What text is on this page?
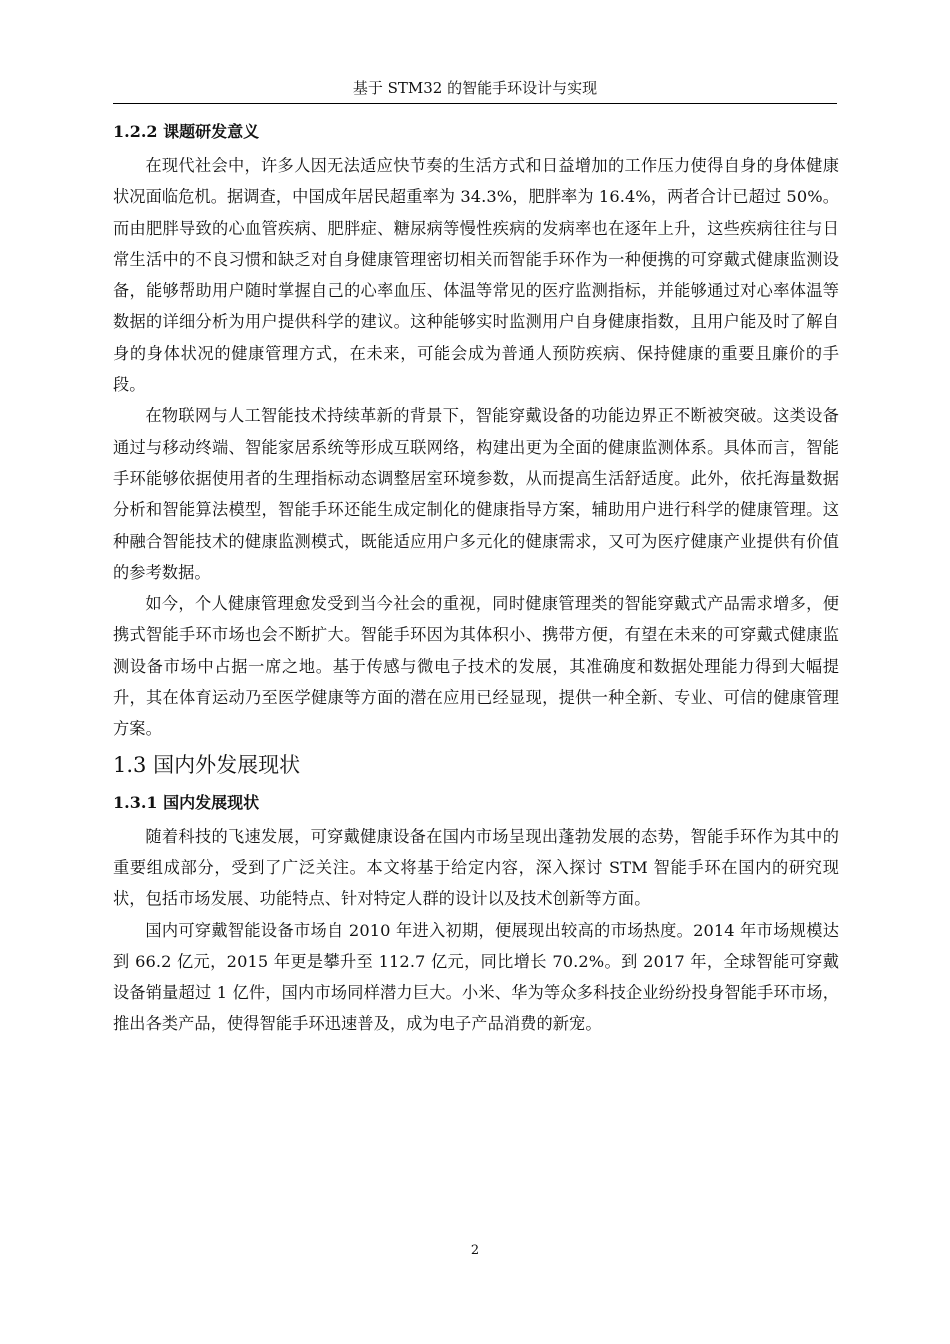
基于 STM32 的智能手环设计与实现

1.2.2 课题研发意义

在现代社会中，许多人因无法适应快节奏的生活方式和日益增加的工作压力使得自身的身体健康状况面临危机。据调查，中国成年居民超重率为 34.3%，肥胖率为 16.4%，两者合计已超过 50%。而由肥胖导致的心血管疾病、肥胖症、糖尿病等慢性疾病的发病率也在逐年上升，这些疾病往往与日常生活中的不良习惯和缺乏对自身健康管理密切相关而智能手环作为一种便携的可穿戴式健康监测设备，能够帮助用户随时掌握自己的心率血压、体温等常见的医疗监测指标，并能够通过对心率体温等数据的详细分析为用户提供科学的建议。这种能够实时监测用户自身健康指数，且用户能及时了解自身的身体状况的健康管理方式，在未来，可能会成为普通人预防疾病、保持健康的重要且廉价的手段。

在物联网与人工智能技术持续革新的背景下，智能穿戴设备的功能边界正不断被突破。这类设备通过与移动终端、智能家居系统等形成互联网络，构建出更为全面的健康监测体系。具体而言，智能手环能够依据使用者的生理指标动态调整居室环境参数，从而提高生活舒适度。此外，依托海量数据分析和智能算法模型，智能手环还能生成定制化的健康指导方案，辅助用户进行科学的健康管理。这种融合智能技术的健康监测模式，既能适应用户多元化的健康需求，又可为医疗健康产业提供有价值的参考数据。

如今，个人健康管理愈发受到当今社会的重视，同时健康管理类的智能穿戴式产品需求增多，便携式智能手环市场也会不断扩大。智能手环因为其体积小、携带方便，有望在未来的可穿戴式健康监测设备市场中占据一席之地。基于传感与微电子技术的发展，其准确度和数据处理能力得到大幅提升，其在体育运动乃至医学健康等方面的潜在应用已经显现，提供一种全新、专业、可信的健康管理方案。

1.3 国内外发展现状

1.3.1 国内发展现状

随着科技的飞速发展，可穿戴健康设备在国内市场呈现出蓬勃发展的态势，智能手环作为其中的重要组成部分，受到了广泛关注。本文将基于给定内容，深入探讨 STM 智能手环在国内的研究现状，包括市场发展、功能特点、针对特定人群的设计以及技术创新等方面。

国内可穿戴智能设备市场自 2010 年进入初期，便展现出较高的市场热度。2014 年市场规模达到 66.2 亿元，2015 年更是攀升至 112.7 亿元，同比增长 70.2%。到 2017 年，全球智能可穿戴设备销量超过 1 亿件，国内市场同样潜力巨大。小米、华为等众多科技企业纷纷投身智能手环市场，推出各类产品，使得智能手环迅速普及，成为电子产品消费的新宠。

2
